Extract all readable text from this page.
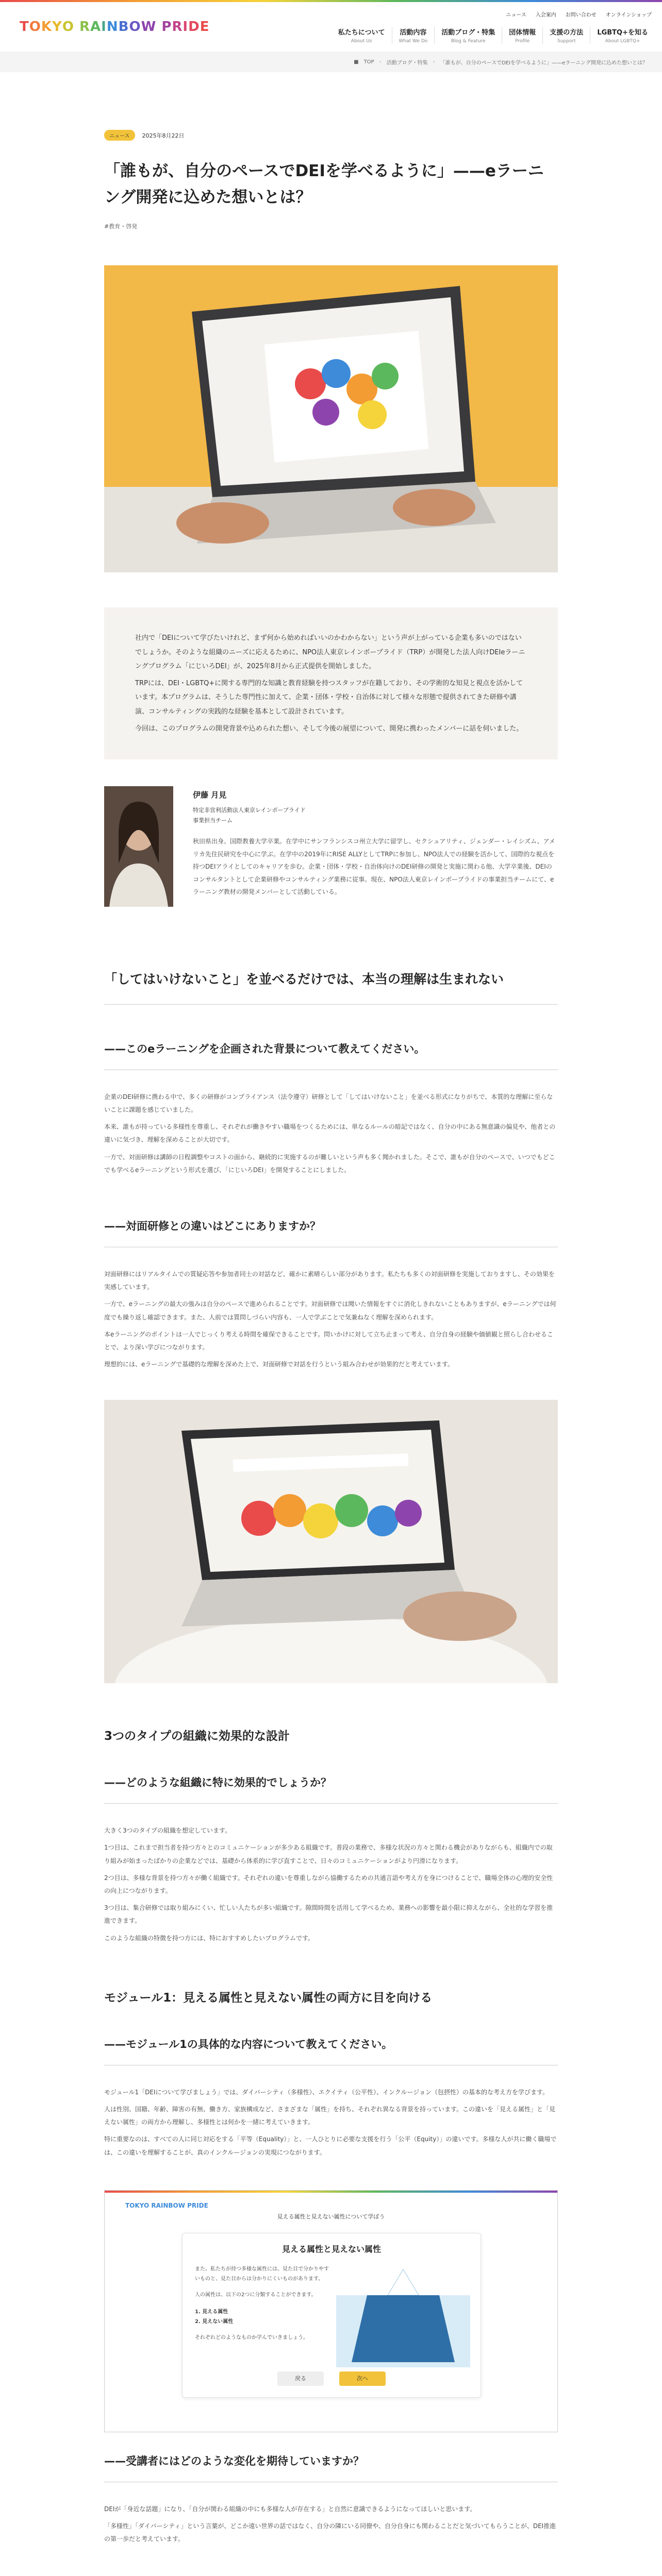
TOKYO RAINBOW PRIDE
ニュース 入会案内 お問い合わせ オンラインショップ
私たちについて
About Us
活動内容
What We Do
活動ブログ・特集
Blog & Feature
団体情報
Profile
支援の方法
Support
LGBTQ+を知る
About LGBTQ+
■ TOP › 活動ブログ・特集 › 「誰もが、自分のペースでDEIを学べるように」——eラーニング開発に込めた想いとは？
ニュース	2025年8月22日
「誰もが、自分のペースでDEIを学べるように」——eラーニング開発に込めた想いとは？
#教育・啓発

社内で「DEIについて学びたいけれど、まず何から始めればいいのかわからない」という声が上がっている企業も多いのではないでしょうか。そのような組織のニーズに応えるために、NPO法人東京レインボープライド（TRP）が開発した法人向けDEIeラーニングプログラム「にじいろDEI」が、2025年8月から正式提供を開始しました。

TRPには、DEI・LGBTQ+に関する専門的な知識と教育経験を持つスタッフが在籍しており、その学術的な知見と視点を活かしています。本プログラムは、そうした専門性に加えて、企業・団体・学校・自治体に対して様々な形態で提供されてきた研修や講演、コンサルティングの実践的な経験を基本として設計されています。

今回は、このプログラムの開発背景や込められた想い、そして今後の展望について、開発に携わったメンバーに話を伺いました。

伊藤 月見
特定非営利活動法人東京レインボープライド
事業担当チーム
秋田県出身。国際教養大学卒業。在学中にサンフランシスコ州立大学に留学し、セクシュアリティ、ジェンダー・レイシズム、アメリカ先住民研究を中心に学ぶ。在学中の2019年にRISE ALLYとしてTRPに参加し、NPO法人での経験を活かして、国際的な視点を持つDEIアライとしてのキャリアを歩む。企業・団体・学校・自治体向けのDEI研修の開発と実施に関わる他、大学卒業後、DEIのコンサルタントとして企業研修やコンサルティング業務に従事。現在、NPO法人東京レインボープライドの事業担当チームにて、eラーニング教材の開発メンバーとして活動している。
「してはいけないこと」を並べるだけでは、本当の理解は生まれない
——このeラーニングを企画された背景について教えてください。

企業のDEI研修に携わる中で、多くの研修がコンプライアンス（法令遵守）研修として「してはいけないこと」を並べる形式になりがちで、本質的な理解に至らないことに課題を感じていました。

本来、誰もが持っている多様性を尊重し、それぞれが働きやすい職場をつくるためには、単なるルールの暗記ではなく、自分の中にある無意識の偏見や、他者との違いに気づき、理解を深めることが大切です。

一方で、対面研修は講師の日程調整やコストの面から、継続的に実施するのが難しいという声も多く聞かれました。そこで、誰もが自分のペースで、いつでもどこでも学べるeラーニングという形式を選び、「にじいろDEI」を開発することにしました。

——対面研修との違いはどこにありますか？

対面研修にはリアルタイムでの質疑応答や参加者同士の対話など、確かに素晴らしい部分があります。私たちも多くの対面研修を実施しておりますし、その効果を実感しています。

一方で、eラーニングの最大の強みは自分のペースで進められることです。対面研修では聞いた情報をすぐに消化しきれないこともありますが、eラーニングでは何度でも繰り返し確認できます。また、人前では質問しづらい内容も、一人で学ぶことで気兼ねなく理解を深められます。

本eラーニングのポイントは一人でじっくり考える時間を確保できることです。問いかけに対して立ち止まって考え、自分自身の経験や価値観と照らし合わせることで、より深い学びにつながります。

理想的には、eラーニングで基礎的な理解を深めた上で、対面研修で対話を行うという組み合わせが効果的だと考えています。

3つのタイプの組織に効果的な設計
——どのような組織に特に効果的でしょうか？

大きく3つのタイプの組織を想定しています。

1つ目は、これまで担当者を持つ方々とのコミュニケーションが多少ある組織です。普段の業務で、多様な状況の方々と関わる機会がありながらも、組織内での取り組みが始まったばかりの企業などでは、基礎から体系的に学び直すことで、日々のコミュニケーションがより円滑になります。

2つ目は、多様な背景を持つ方々が働く組織です。それぞれの違いを尊重しながら協働するための共通言語や考え方を身につけることで、職場全体の心理的安全性の向上につながります。

3つ目は、集合研修では取り組みにくい、忙しい人たちが多い組織です。隙間時間を活用して学べるため、業務への影響を最小限に抑えながら、全社的な学習を推進できます。

このような組織の特徴を持つ方には、特におすすめしたいプログラムです。

モジュール1：見える属性と見えない属性の両方に目を向ける
——モジュール1の具体的な内容について教えてください。

モジュール1「DEIについて学びましょう」では、ダイバーシティ（多様性）、エクイティ（公平性）、インクルージョン（包摂性）の基本的な考え方を学びます。

人は性別、国籍、年齢、障害の有無、働き方、家族構成など、さまざまな「属性」を持ち、それぞれ異なる背景を持っています。この違いを「見える属性」と「見えない属性」の両方から理解し、多様性とは何かを一緒に考えていきます。

特に重要なのは、すべての人に同じ対応をする「平等（Equality）」と、一人ひとりに必要な支援を行う「公平（Equity）」の違いです。多様な人が共に働く職場では、この違いを理解することが、真のインクルージョンの実現につながります。

TOKYO RAINBOW PRIDE
見える属性と見えない属性について学ぼう
見える属性と見えない属性

また、私たちが持つ多様な属性には、見た目で分かりやすいものと、見た目からは分かりにくいものがあります。

人の属性は、以下の2つに分類することができます。

1. 見える属性

2. 見えない属性

それぞれどのようなものか学んでいきましょう。

戻る	次へ
——受講者にはどのような変化を期待していますか？

DEIが「身近な話題」になり、「自分が関わる組織の中にも多様な人が存在する」と自然に意識できるようになってほしいと思います。

「多様性」「ダイバーシティ」という言葉が、どこか遠い世界の話ではなく、自分の隣にいる同僚や、自分自身にも関わることだと気づいてもらうことが、DEI推進の第一歩だと考えています。
